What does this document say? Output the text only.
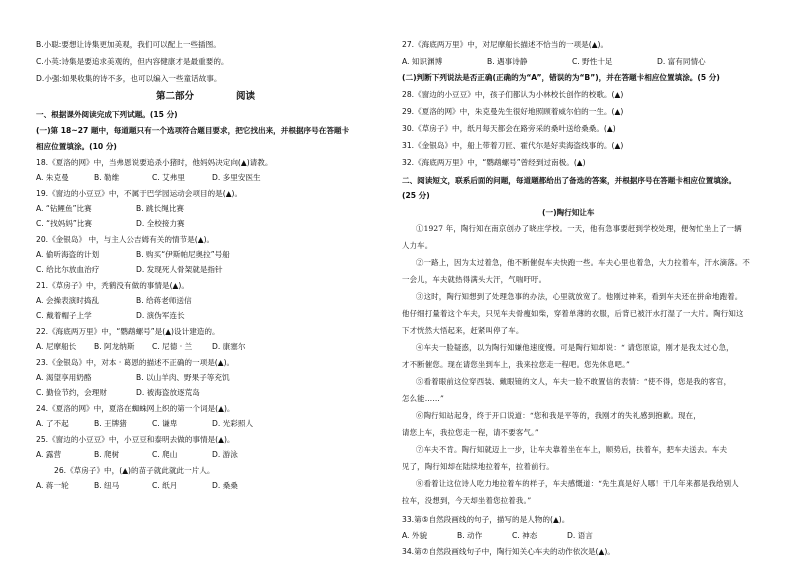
B.小聪:要想让诗集更加美观，我们可以配上一些插图。
C.小英:诗集是要追求美观的，但内容健康才是最重要的。
D.小强:如果收集的诗不多，也可以编入一些童话故事。
第二部分	阅读
一、根据课外阅读完成下列试题。(15 分)
(一)第 18~27 题中，每道题只有一个选项符合题目要求，把它找出来，并根据序号在答题卡
相应位置填涂。(10 分)
18.《夏洛的网》中，当弗恩说要追杀小猪时，他妈妈决定向(▲)请教。
A. 朱克曼	B. 勒维	C. 艾弗里	D. 多里安医生
19.《窗边的小豆豆》中，不属于巴学园运动会项目的是(▲)。
A. “钻鲤鱼”比赛	B. 跳长绳比赛
C. “找妈妈”比赛	D. 全校接力赛
20.《金银岛》 中，与主人公吉姆有关的情节是(▲)。
A. 偷听海盗的计划	B. 购买“伊斯帕尼奥拉”号船
C. 给比尔放血治疗	D. 发现死人骨架就是指针
21.《草房子》中，秃鹤没有做的事情是(▲)。
A. 会操表演时捣乱	B. 给蒋老师送信
C. 戴着帽子上学	D. 演伪军连长
22.《海底两万里》中，“鹦鹉螺号”是(▲)设计建造的。
A. 尼摩船长 B. 阿龙纳斯 C. 尼德 · 兰	D. 康塞尔
23.《金银岛》中，对本 · 葛恩的描述不正确的一项是(▲)。
A. 渴望享用奶酪	B. 以山羊肉、野果子等充饥
C. 勤俭节约，会理财	D. 被海盗放逐荒岛
24.《夏洛的网》中，夏洛在蜘蛛网上织的第一个词是(▲)。
A. 了不起	B. 王牌猪	C. 谦卑	D. 光彩照人
25.《窗边的小豆豆》中，小豆豆和泰明去做的事情是(▲)。
A. 露营	B. 爬树	C. 爬山	D. 游泳
26.《草房子》中，(▲)的苗子就此就此一片人。
A. 蒋一轮	B. 纽马	C. 纸月	D. 桑桑
27.《海底两万里》中，对尼摩船长描述不恰当的一项是(▲)。
A. 知识渊博	B. 遇事诗静	C. 野性十足	D. 富有同情心
(二)判断下列说法是否正确(正确的为“A”，错误的为“B”)，并在答题卡相应位置填涂。(5 分)
28.《窗边的小豆豆》中，孩子们都认为小林校长创作的校歌。(▲)
29.《夏洛的网》中，朱克曼先生很好地照顾着威尔伯的一生。(▲)
30.《草房子》中，纸月每天都会在路旁采的桑叶送给桑桑。(▲)
31.《金银岛》中，船上带着刀匠、霍代尔是好卖海盗线事的。(▲)
32.《海底两万里》中，“鹦鹉螺号”曾经到过南极。(▲)
二、阅读短文，联系后面的问题，每道题都给出了备选的答案，并根据序号在答题卡相应位置填涂。
(25 分)
(一)陶行知让车
①1927 年，陶行知在南京创办了晓庄学校。一天，他有急事要赶到学校处理，便匆忙坐上了一辆
人力车。
②一路上，因为太过着急，他不断催促车夫快跑一些。车夫心里也着急，大力拉着车，汗水滴落。不
一会儿，车夫就热得满头大汗，气喘吁吁。
③这时，陶行知想到了处理急事的办法，心里就放宽了。他刚过神来，看到车夫还在拼命地跑着。
他仔细打量着这个车夫，只见车夫骨瘦如柴，穿着单薄的衣服，后背已被汗水打湿了一大片。陶行知这
下才恍然大悟起来，赶紧叫停了车。
④车夫一脸疑惑，以为陶行知嫌他速度慢。可是陶行知却说：“ 请您原谅，刚才是我太过心急，
才不断催您。现在请您坐到车上，我来拉您走一程吧。您先休息吧。”
⑤看着眼前这位穿西装、戴眼镜的文人，车夫一脸不敢置信的表情：“使不得，您是我的客官，
怎么能……”
⑥陶行知站起身，终于开口说道：“您和我是平等的，我刚才的失礼感到抱歉。现在，
请您上车，我拉您走一程，请不要客气。”
⑦车夫不肯。陶行知就迈上一步，让车夫靠着坐在车上，顺势后，扶着车，把车夫送去。车夫
见了，陶行知却在陆续地拉着车，拉着前行。
⑧看着让这位诗人吃力地拉着车的样子，车夫感慨道：“先生真是好人哪！干几年来都是我给别人
拉车，没想到，今天却坐着您拉着我。”
33.第⑤自然段画线的句子，描写的是人物的(▲)。
A. 外貌	B. 动作	C. 神态	D. 语言
34.第⑦自然段画线句子中，陶行知关心车夫的动作依次是(▲)。
